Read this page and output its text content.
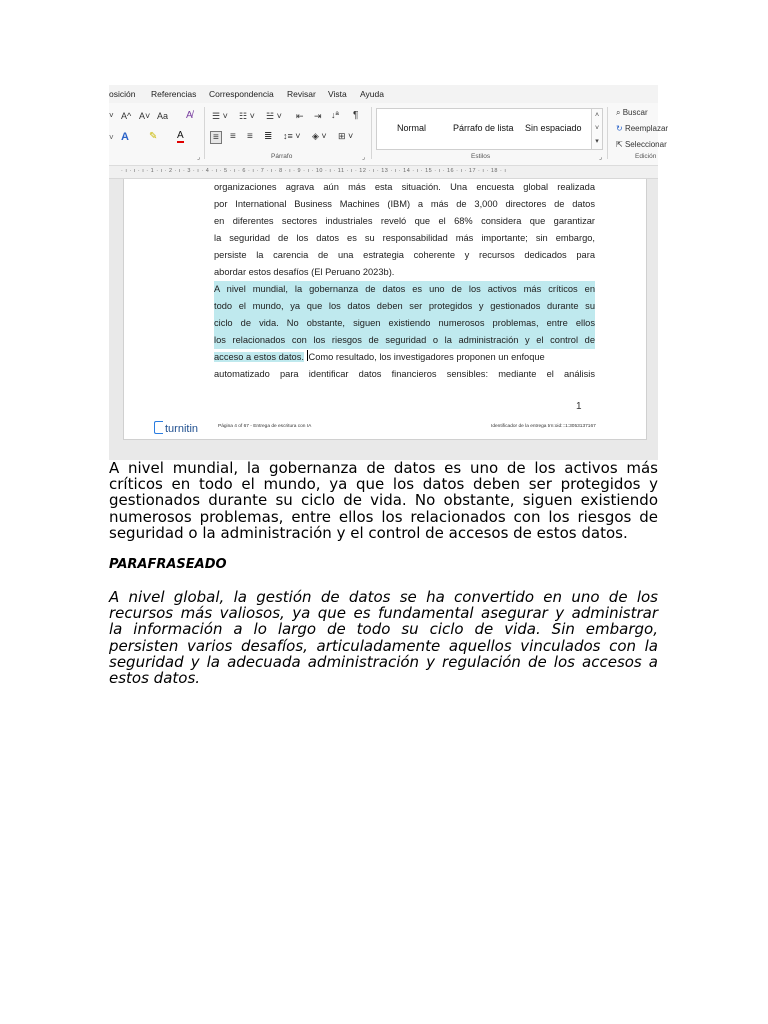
osición Referencias Correspondencia Revisar Vista Ayuda
˅ A^ A˅ Aa A̸
˅ A ✎ A
☰ ˅ ☷ ˅ ☱ ˅ ⇤ ⇥ ↓ª ¶
≡	≡ ≡ ≣ ↕≡ ˅ ◈ ˅ ⊞ ˅
Párrafo
⌟	⌟
Normal	Párrafo de lista Sin espaciado
˄
˅
▾
Estilos	⌟
⌕ Buscar
↻ Reemplazar
⇱ Seleccionar
Edición
· ı · ı · ı · 1 · ı · 2 · ı · 3 · ı · 4 · ı · 5 · ı · 6 · ı · 7 · ı · 8 · ı · 9 · ı · 10 · ı · 11 · ı · 12 · ı · 13 · ı · 14 · ı · 15 · ı · 16 · ı · 17 · ı · 18 · ı
organizaciones agrava aún más esta situación. Una encuesta global realizada
por International Business Machines (IBM) a más de 3,000 directores de datos
en diferentes sectores industriales reveló que el 68% considera que garantizar
la seguridad de los datos es su responsabilidad más importante; sin embargo,
persiste la carencia de una estrategia coherente y recursos dedicados para
abordar estos desafíos (El Peruano 2023b).
A nivel mundial, la gobernanza de datos es uno de los activos más críticos en
todo el mundo, ya que los datos deben ser protegidos y gestionados durante su
ciclo de vida. No obstante, siguen existiendo numerosos problemas, entre ellos
los relacionados con los riesgos de seguridad o la administración y el control de
acceso a estos datos. Como resultado, los investigadores proponen un enfoque
automatizado para identificar datos financieros sensibles: mediante el análisis
1
turnitin	Página 4 of 67 - Entrega de escritura con IA	Identificador de la entrega trn:oid:::1:3053137167
A nivel mundial, la gobernanza de datos es uno de los activos más
críticos en todo el mundo, ya que los datos deben ser protegidos y
gestionados durante su ciclo de vida. No obstante, siguen existiendo
numerosos problemas, entre ellos los relacionados con los riesgos de
seguridad o la administración y el control de accesos de estos datos.
PARAFRASEADO
A nivel global, la gestión de datos se ha convertido en uno de los
recursos más valiosos, ya que es fundamental asegurar y administrar
la información a lo largo de todo su ciclo de vida. Sin embargo,
persisten varios desafíos, articuladamente aquellos vinculados con la
seguridad y la adecuada administración y regulación de los accesos a
estos datos.
